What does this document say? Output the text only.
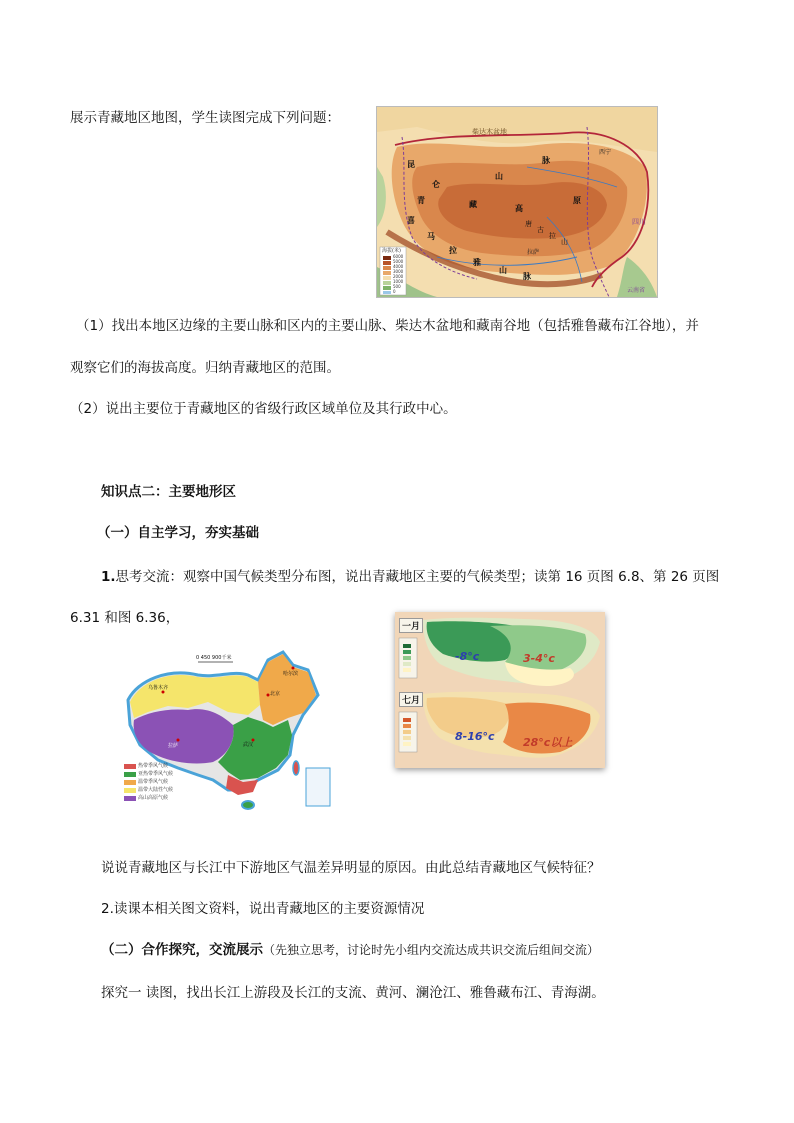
展示青藏地区地图，学生读图完成下列问题：
海拔(米)
6000
5000
4000
3000
2000
1000
500
0
柴达木盆地
昆
仑
山
脉
青	藏	高
原
唐
古
拉
山
喜
马
拉
雅
山
脉
拉萨
西宁
云南省
四川
（1）找出本地区边缘的主要山脉和区内的主要山脉、柴达木盆地和藏南谷地（包括雅鲁藏布江谷地），并
观察它们的海拔高度。归纳青藏地区的范围。
（2）说出主要位于青藏地区的省级行政区域单位及其行政中心。
知识点二：主要地形区
（一）自主学习，夯实基础
1.思考交流：观察中国气候类型分布图，说出青藏地区主要的气候类型；读第 16 页图 6.8、第 26 页图
6.31 和图 6.36，
0 450 900千米
热带季风气候
亚热带季风气候
温带季风气候
温带大陆性气候
高山高原气候
乌鲁木齐
北京
拉萨	武汉
哈尔滨
一月
七月
-8°c	3-4°c
8-16°c	28°c以上
说说青藏地区与长江中下游地区气温差异明显的原因。由此总结青藏地区气候特征？
2.读课本相关图文资料，说出青藏地区的主要资源情况
（二）合作探究，交流展示（先独立思考，讨论时先小组内交流达成共识交流后组间交流）
探究一 读图，找出长江上游段及长江的支流、黄河、澜沧江、雅鲁藏布江、青海湖。
